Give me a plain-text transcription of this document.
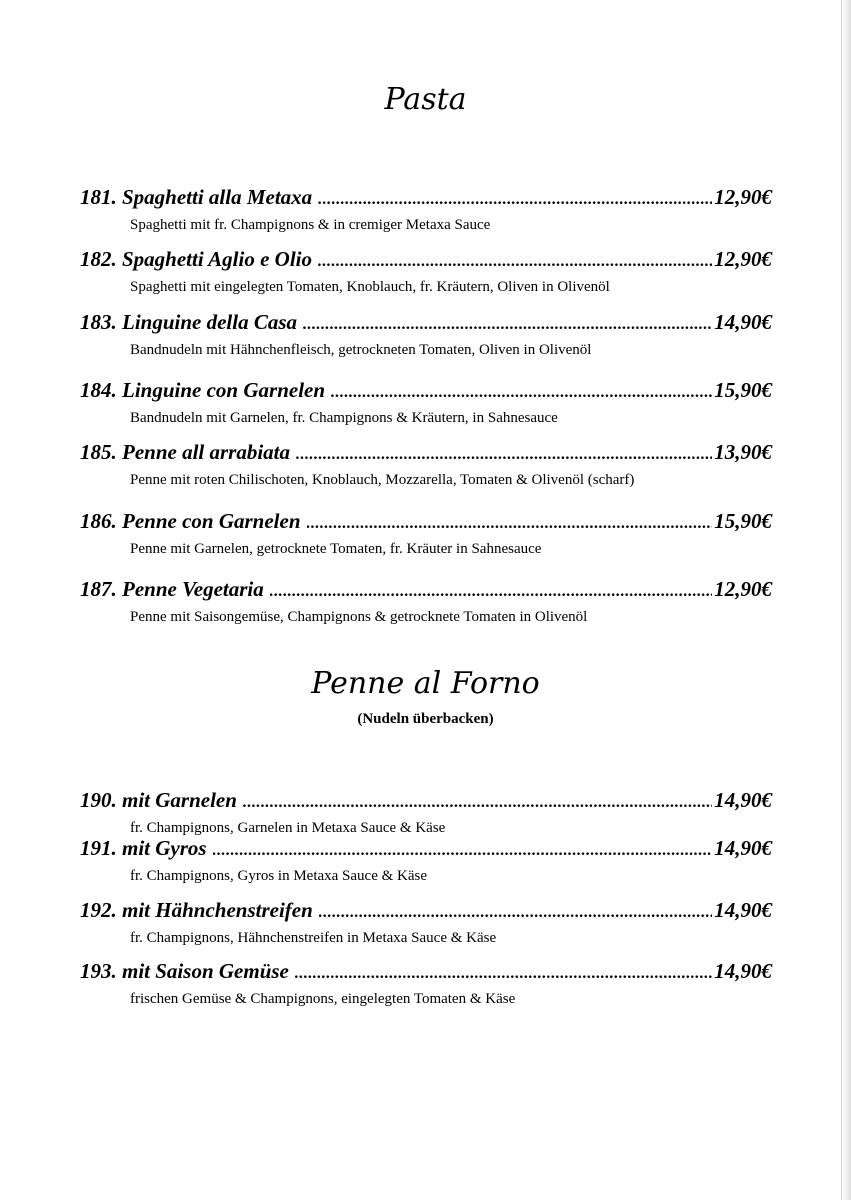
Pasta
181. Spaghetti alla Metaxa .....	12,90€
Spaghetti mit fr. Champignons & in cremiger Metaxa Sauce
182. Spaghetti Aglio e Olio .....	12,90€
Spaghetti mit eingelegten Tomaten, Knoblauch, fr. Kräutern, Oliven in Olivenöl
183. Linguine della Casa .....	14,90€
Bandnudeln mit Hähnchenfleisch, getrockneten Tomaten, Oliven in Olivenöl
184. Linguine con Garnelen .....	15,90€
Bandnudeln mit Garnelen, fr. Champignons & Kräutern, in Sahnesauce
185. Penne all arrabiata .....	13,90€
Penne mit roten Chilischoten, Knoblauch, Mozzarella, Tomaten & Olivenöl (scharf)
186. Penne con Garnelen .....	15,90€
Penne mit Garnelen, getrocknete Tomaten, fr. Kräuter in Sahnesauce
187. Penne Vegetaria .....	12,90€
Penne mit Saisongemüse, Champignons & getrocknete Tomaten in Olivenöl
Penne al Forno
(Nudeln überbacken)
190. mit Garnelen .....	14,90€
fr. Champignons, Garnelen in Metaxa Sauce & Käse
191. mit Gyros .....	14,90€
fr. Champignons, Gyros in Metaxa Sauce & Käse
192. mit Hähnchenstreifen .....	14,90€
fr. Champignons, Hähnchenstreifen in Metaxa Sauce & Käse
193. mit Saison Gemüse .....	14,90€
frischen Gemüse & Champignons, eingelegten Tomaten & Käse
